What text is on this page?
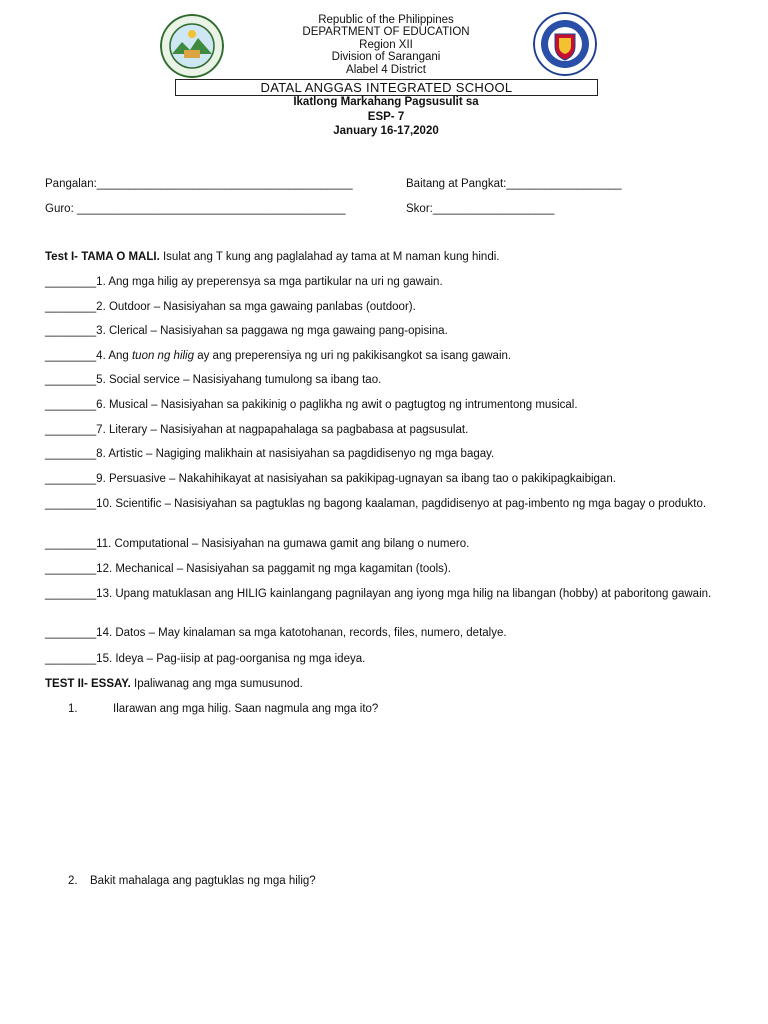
Republic of the Philippines
DEPARTMENT OF EDUCATION
Region XII
Division of Sarangani
Alabel 4 District
DATAL ANGGAS INTEGRATED SCHOOL
Ikatlong Markahang Pagsusulit sa
ESP- 7
January 16-17,2020
Pangalan:________________________________________	Baitang at Pangkat:__________________
Guro: __________________________________________	Skor:___________________
Test I- TAMA O MALI. Isulat ang T kung ang paglalahad ay tama at M naman kung hindi.
________1. Ang mga hilig ay preperensya sa mga partikular na uri ng gawain.
________2. Outdoor – Nasisiyahan sa mga gawaing panlabas (outdoor).
________3. Clerical – Nasisiyahan sa paggawa ng mga gawaing pang-opisina.
________4. Ang tuon ng hilig ay ang preperensiya ng uri ng pakikisangkot sa isang gawain.
________5. Social service – Nasisiyahang tumulong sa ibang tao.
________6. Musical – Nasisiyahan sa pakikinig o paglikha ng awit o pagtugtog ng intrumentong musical.
________7. Literary – Nasisiyahan at nagpapahalaga sa pagbabasa at pagsusulat.
________8. Artistic – Nagiging malikhain at nasisiyahan sa pagdidisenyo ng mga bagay.
________9. Persuasive – Nakahihikayat at nasisiyahan sa pakikipag-ugnayan sa ibang tao o pakikipagkaibigan.
________10. Scientific – Nasisiyahan sa pagtuklas ng bagong kaalaman, pagdidisenyo at pag-imbento ng mga bagay o produkto.
________11. Computational – Nasisiyahan na gumawa gamit ang bilang o numero.
________12. Mechanical – Nasisiyahan sa paggamit ng mga kagamitan (tools).
________13. Upang matuklasan ang HILIG kainlangang pagnilayan ang iyong mga hilig na libangan (hobby) at paboritong gawain.
________14. Datos – May kinalaman sa mga katotohanan, records, files, numero, detalye.
________15. Ideya – Pag-iisip at pag-oorganisa ng mga ideya.
TEST II- ESSAY. Ipaliwanag ang mga sumusunod.
1.	Ilarawan ang mga hilig. Saan nagmula ang mga ito?
2. Bakit mahalaga ang pagtuklas ng mga hilig?
